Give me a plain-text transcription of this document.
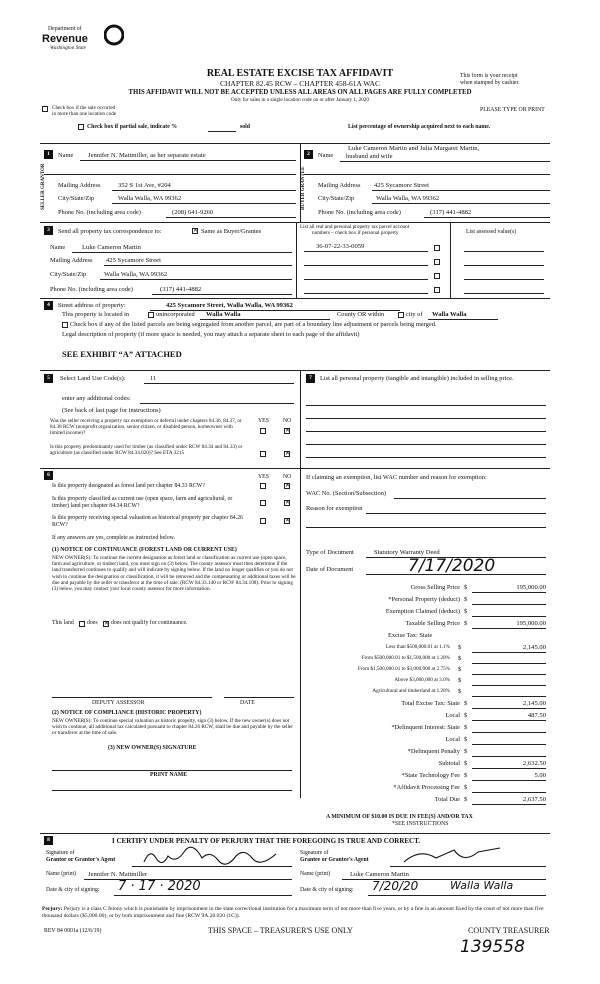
Department of
Revenue
Washington State
REAL ESTATE EXCISE TAX AFFIDAVIT
CHAPTER 82.45 RCW – CHAPTER 458-61A WAC
THIS AFFIDAVIT WILL NOT BE ACCEPTED UNLESS ALL AREAS ON ALL PAGES ARE FULLY COMPLETED
Only for sales in a single location code on or after January 1, 2020
This form is your receipt
when stamped by cashier.
Check box if the sale occurred
in more than one location code
PLEASE TYPE OR PRINT
Check box if partial sale, indicate %	sold	List percentage of ownership acquired next to each name.
1	Name Jennifer N. Mattmiller, as her separate estate
SELLER GRANTOR Mailing Address	352 S 1st Ave, #204
City/State/Zip	Walla Walla, WA 99362
Phone No. (including area code)	(208) 641-9260
2	Name
Luke Cameron Martin and Julia Margaret Martin,
husband and wife
BUYER GRANTEE Mailing Address 425 Sycamore Street
City/State/Zip	Walla Walla, WA 99362
Phone No. (including area code)	(317) 441-4882
3	Send all property tax correspondence to:	✕ Same as Buyer/Grantee
Name	Luke Cameron Martin
Mailing Address 425 Sycamore Street
City/State/Zip	Walla Walla, WA 99362
Phone No. (including area code)	(317) 441-4882
List all real and personal property tax parcel account
numbers – check box if personal property
36-07-22-33-0059
List assessed value(s)
4	Street address of property:	425 Sycamore Street, Walla Walla, WA 99362
This property is located in	unincorporated Walla Walla	County OR within	city of Walla Walla
Check box if any of the listed parcels are being segregated from another parcel, are part of a boundary line adjustment or parcels being merged.
Legal description of property (if more space is needed, you may attach a separate sheet to each page of the affidavit)
SEE EXHIBIT “A” ATTACHED
5	Select Land Use Code(s):	11
enter any additional codes:
(See back of last page for instructions)
YES NO
Was the seller receiving a property tax exemption or deferral under chapters 84.36, 84.37, or 84.38 RCW (nonprofit organization, senior citizen, or disabled person, homeowner with limited income)?	✕
Is this property predominantly used for timber (as classified under RCW 84.34 and 84.33) or agriculture (as classified under RCW 84.34.020)? See ETA 3215	✕
6	YES NO
Is this property designated as forest land per chapter 84.33 RCW?	✕
Is this property classified as current use (open space, farm and agricultural, or timber) land per chapter 84.34 RCW?	✕
Is this property receiving special valuation as historical property per chapter 84.26 RCW?
✕
If any answers are yes, complete as instructed below.
(1) NOTICE OF CONTINUANCE (FOREST LAND OR CURRENT USE)
NEW OWNER(S): To continue the current designation as forest land or classification as current use (open space, farm and agriculture, or timber) land, you must sign on (3) below. The county assessor must then determine if the land transferred continues to qualify and will indicate by signing below. If the land no longer qualifies or you do not wish to continue the designation or classification, it will be removed and the compensating or additional taxes will be due and payable by the seller or transferor at the time of sale. (RCW 84.33.140 or RCW 84.34.108). Prior to signing (3) below, you may contact your local county assessor for more information.
This land does ✕ does not qualify for continuance.
DEPUTY ASSESSOR	DATE
(2) NOTICE OF COMPLIANCE (HISTORIC PROPERTY)
NEW OWNER(S): To continue special valuation as historic property, sign (3) below. If the new owner(s) does not wish to continue, all additional tax calculated pursuant to chapter 84.26 RCW, shall be due and payable by the seller or transferor at the time of sale.
(3) NEW OWNER(S) SIGNATURE
PRINT NAME
7	List all personal property (tangible and intangible) included in selling price.
If claiming an exemption, list WAC number and reason for exemption:
WAC No. (Section/Subsection)
Reason for exemption
Type of Document	Statutory Warranty Deed
Date of Document	7/17/2020
Gross Selling Price $	195,000.00
*Personal Property (deduct) $
Exemption Claimed (deduct) $
Taxable Selling Price $	195,000.00
Excise Tax: State
Less than $500,000.01 at 1.1% $	2,145.00
From $500,000.01 to $1,500,000 at 1.28% $
From $1,500,000.01 to $3,000,000 at 2.75% $
Above $3,000,000 at 3.0% $
Agricultural and timberland at 1.28% $
Total Excise Tax: State $	2,145.00
Local $	487.50
*Delinquent Interest: State $
Local $
*Delinquent Penalty $
Subtotal $	2,632.50
*State Technology Fee $	5.00
*Affidavit Processing Fee $
Total Due $	2,637.50
A MINIMUM OF $10.00 IS DUE IN FEE(S) AND/OR TAX
*SEE INSTRUCTIONS
8	I CERTIFY UNDER PENALTY OF PERJURY THAT THE FOREGOING IS TRUE AND CORRECT.
Signature of
Grantor or Grantor's Agent
Name (print) Jennifer N. Mattmiller
Date & city of signing: 7 · 17 · 2020
Signature of
Grantee or Grantee's Agent
Name (print)	Luke Cameron Martin
Date & city of signing: 7/20/20	Walla Walla
Perjury: Perjury is a class C felony which is punishable by imprisonment in the state correctional institution for a maximum term of not more than five years, or by a fine in an amount fixed by the court of not more than five thousand dollars ($5,000.00), or by both imprisonment and fine (RCW 9A.20.020 (1C)).
REV 84 0001a (12/6/19)	THIS SPACE – TREASURER'S USE ONLY	COUNTY TREASURER
139558
